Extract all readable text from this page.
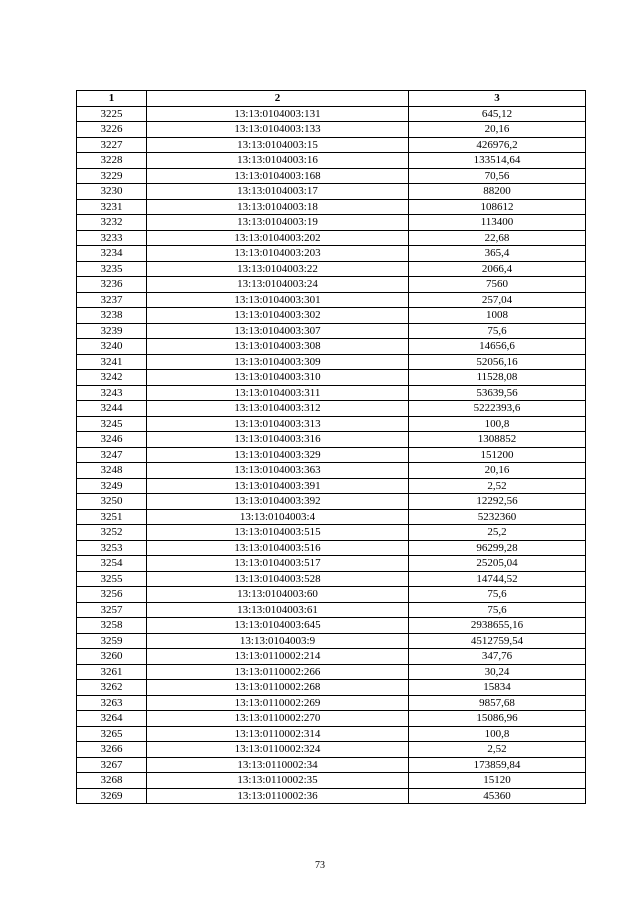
1	2	3
3225	13:13:0104003:131	645,12
3226	13:13:0104003:133	20,16
3227	13:13:0104003:15	426976,2
3228	13:13:0104003:16	133514,64
3229	13:13:0104003:168	70,56
3230	13:13:0104003:17	88200
3231	13:13:0104003:18	108612
3232	13:13:0104003:19	113400
3233	13:13:0104003:202	22,68
3234	13:13:0104003:203	365,4
3235	13:13:0104003:22	2066,4
3236	13:13:0104003:24	7560
3237	13:13:0104003:301	257,04
3238	13:13:0104003:302	1008
3239	13:13:0104003:307	75,6
3240	13:13:0104003:308	14656,6
3241	13:13:0104003:309	52056,16
3242	13:13:0104003:310	11528,08
3243	13:13:0104003:311	53639,56
3244	13:13:0104003:312	5222393,6
3245	13:13:0104003:313	100,8
3246	13:13:0104003:316	1308852
3247	13:13:0104003:329	151200
3248	13:13:0104003:363	20,16
3249	13:13:0104003:391	2,52
3250	13:13:0104003:392	12292,56
3251	13:13:0104003:4	5232360
3252	13:13:0104003:515	25,2
3253	13:13:0104003:516	96299,28
3254	13:13:0104003:517	25205,04
3255	13:13:0104003:528	14744,52
3256	13:13:0104003:60	75,6
3257	13:13:0104003:61	75,6
3258	13:13:0104003:645	2938655,16
3259	13:13:0104003:9	4512759,54
3260	13:13:0110002:214	347,76
3261	13:13:0110002:266	30,24
3262	13:13:0110002:268	15834
3263	13:13:0110002:269	9857,68
3264	13:13:0110002:270	15086,96
3265	13:13:0110002:314	100,8
3266	13:13:0110002:324	2,52
3267	13:13:0110002:34	173859,84
3268	13:13:0110002:35	15120
3269	13:13:0110002:36	45360
73
